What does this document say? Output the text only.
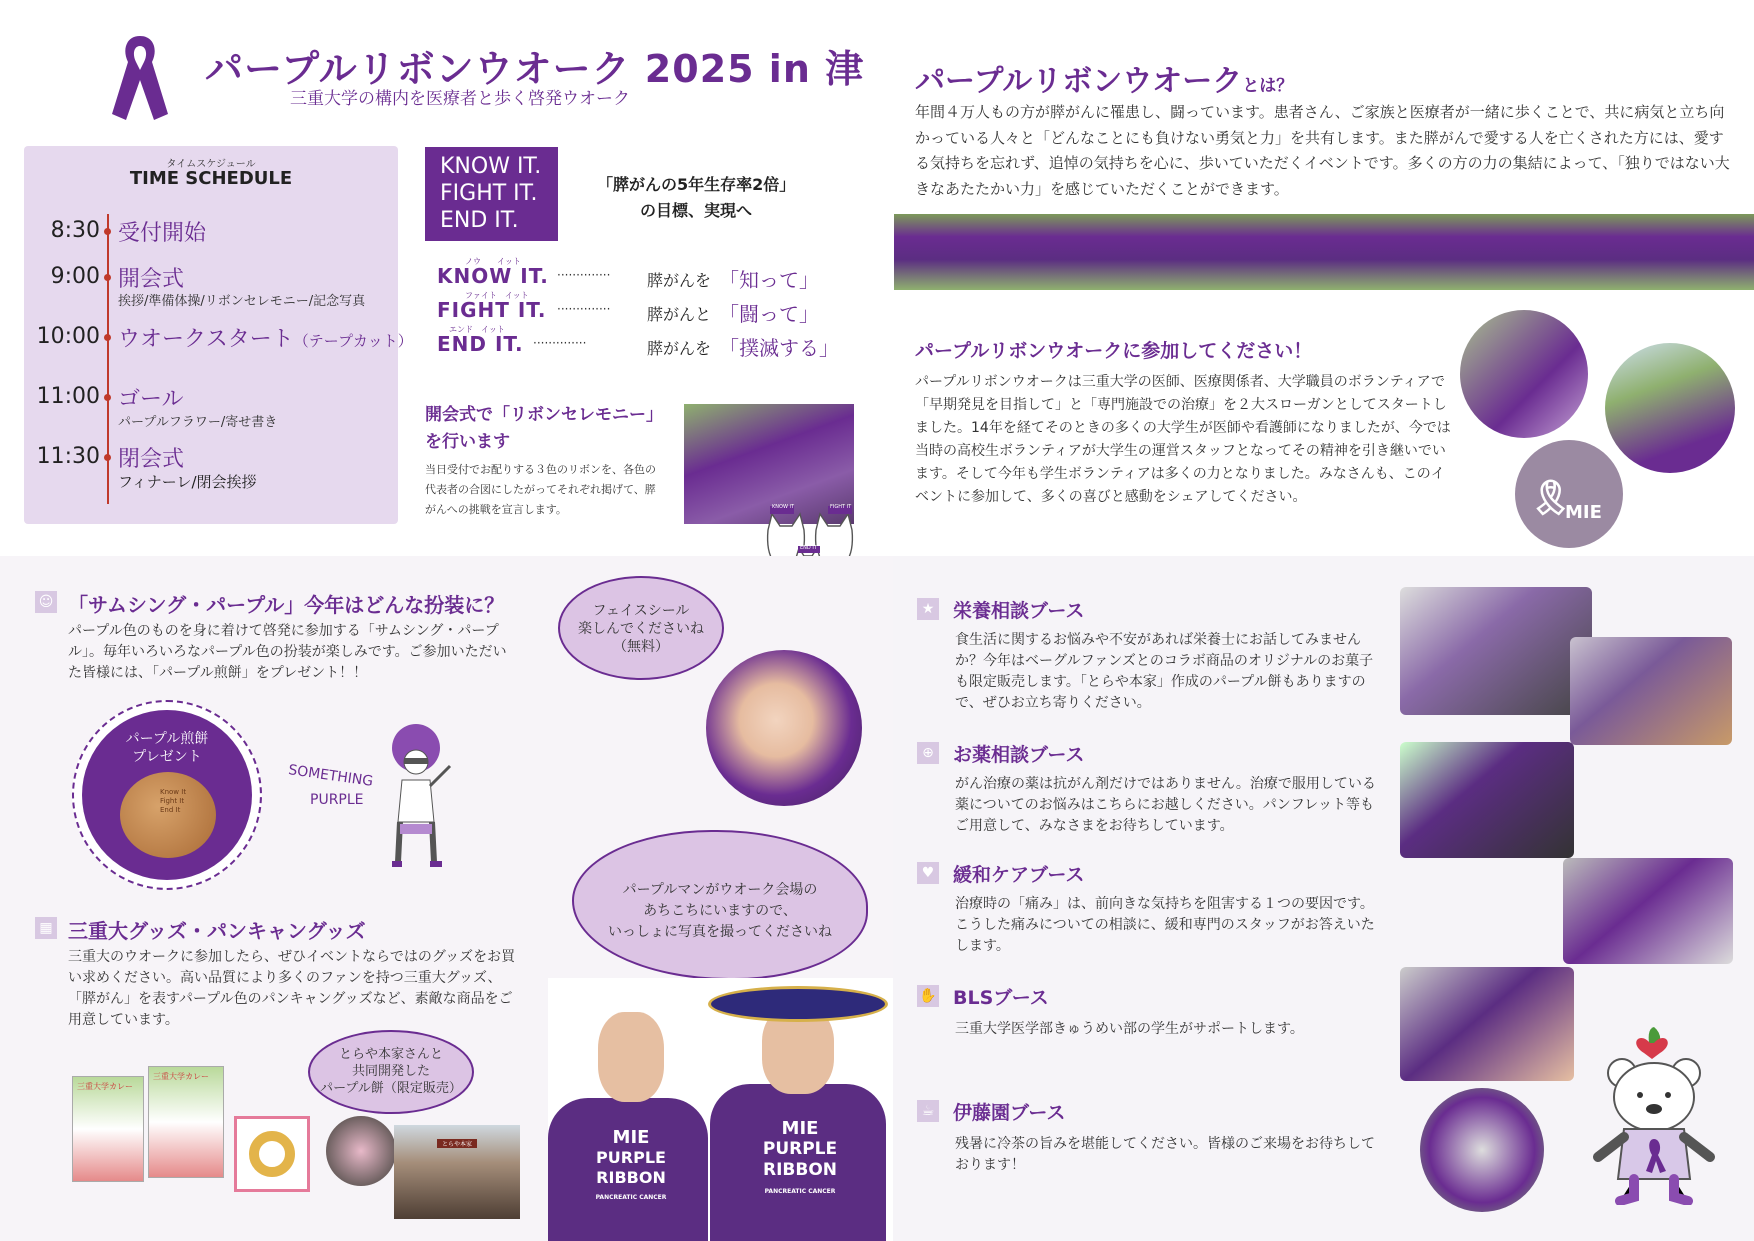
パープルリボンウオーク 2025 in 津
三重大学の構内を医療者と歩く啓発ウオーク
タイムスケジュール
TIME SCHEDULE
8:30 受付開始
9:00 開会式
挨拶/準備体操/リボンセレモニー/記念写真
10:00 ウオークスタート（テープカット）
11:00 ゴール
パープルフラワー/寄せ書き
11:30 閉会式
フィナーレ/閉会挨拶
KNOW IT.
FIGHT IT.
END IT.
「膵がんの5年生存率2倍」
の目標、実現へ
ノウ　　イット
KNOW IT. ·············· 膵がんを 「知って」
ファイト　イット
FIGHT IT. ·············· 膵がんと 「闘って」
エンド　イット
END IT. ··············	膵がんを 「撲滅する」
開会式で「リボンセレモニー」
を行います
当日受付でお配りする３色のリボンを、各色の代表者の合図にしたがってそれぞれ掲げて、膵がんへの挑戦を宣言します。	KNOW IT	FIGHT IT
END IT
パープルリボンウオークとは？
年間４万人もの方が膵がんに罹患し、闘っています。患者さん、ご家族と医療者が一緒に歩くことで、共に病気と立ち向かっている人々と「どんなことにも負けない勇気と力」を共有します。また膵がんで愛する人を亡くされた方には、愛する気持ちを忘れず、追悼の気持ちを心に、歩いていただくイベントです。多くの方の力の集結によって、「独りではない大きなあたたかい力」を感じていただくことができます。
パープルリボンウオークに参加してください！
パープルリボンウオークは三重大学の医師、医療関係者、大学職員のボランティアで「早期発見を目指して」と「専門施設での治療」を２大スローガンとしてスタートしました。14年を経てそのときの多くの大学生が医師や看護師になりましたが、今では当時の高校生ボランティアが大学生の運営スタッフとなってその精神を引き継いでいます。そして今年も学生ボランティアは多くの力となりました。みなさんも、このイベントに参加して、多くの喜びと感動をシェアしてください。	🎗
MIE
☺ 「サムシング・パープル」今年はどんな扮装に？
パープル色のものを身に着けて啓発に参加する「サムシング・パープル」。毎年いろいろなパープル色の扮装が楽しみです。ご参加いただいた皆様には、「パープル煎餅」をプレゼント！！
パープル煎餅
プレゼント
Know It
Fight It
End It
SOMETHING
PURPLE
フェイスシール
楽しんでくださいね
（無料）
パープルマンがウオーク会場の
あちこちにいますので、
いっしょに写真を撮ってくださいね
▦ 三重大グッズ・パンキャングッズ
三重大のウオークに参加したら、ぜひイベントならではのグッズをお買い求めください。高い品質により多くのファンを持つ三重大グッズ、「膵がん」を表すパープル色のパンキャングッズなど、素敵な商品をご用意しています。
三重大学カレー
三重大学カレー
とらや本家
とらや本家さんと
共同開発した
パープル餅（限定販売）
MIE
PURPLE
RIBBON
PANCREATIC CANCER
MIE
PURPLE
RIBBON
PANCREATIC CANCER
★ 栄養相談ブース
食生活に関するお悩みや不安があれば栄養士にお話してみませんか？今年はベーグルファンズとのコラボ商品のオリジナルのお菓子も限定販売します。「とらや本家」作成のパープル餅もありますので、ぜひお立ち寄りください。
⊕ お薬相談ブース
がん治療の薬は抗がん剤だけではありません。治療で服用している薬についてのお悩みはこちらにお越しください。パンフレット等もご用意して、みなさまをお待ちしています。
♥ 緩和ケアブース
治療時の「痛み」は、前向きな気持ちを阻害する１つの要因です。こうした痛みについての相談に、緩和専門のスタッフがお答えいたします。
✋ BLSブース
三重大学医学部きゅうめい部の学生がサポートします。
☕ 伊藤園ブース
残暑に冷茶の旨みを堪能してください。皆様のご来場をお待ちしております！
